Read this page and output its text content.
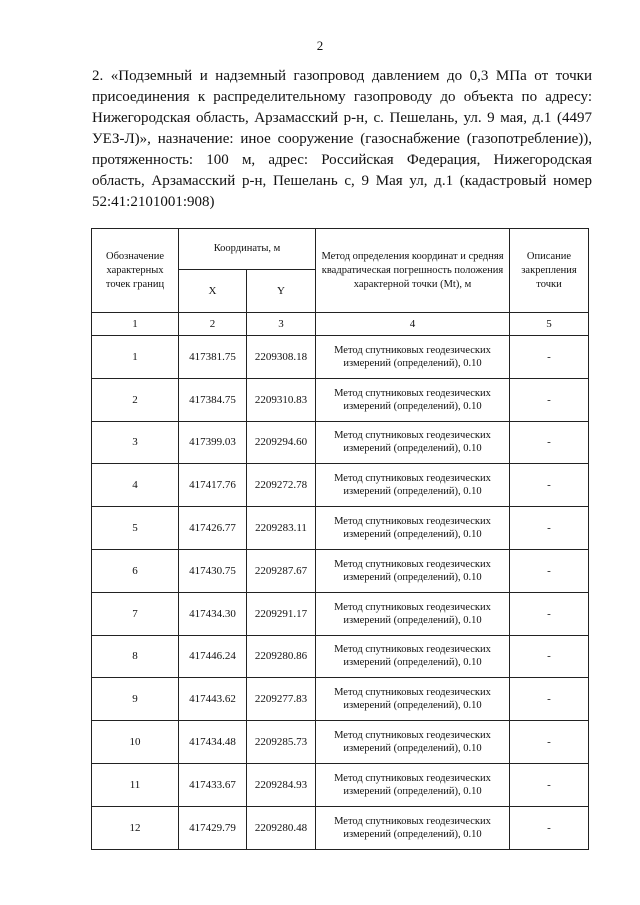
2
2. «Подземный и надземный газопровод давлением до 0,3 МПа от точки присоединения к распределительному газопроводу до объекта по адресу: Нижегородская область, Арзамасский р-н, с. Пешелань, ул. 9 мая, д.1 (4497 УЕЗ-Л)», назначение: иное сооружение (газоснабжение (газопотребление)), протяженность: 100 м, адрес: Российская Федерация, Нижегородская область, Арзамасский р-н, Пешелань с, 9 Мая ул, д.1 (кадастровый номер 52:41:2101001:908)
Обозначение характерных точек границ	Координаты, м		Метод определения координат и средняя квадратическая погрешность положения характерной точки (Mt), м	Описание закрепления точки
	X	Y		
1	2	3	4	5
1	417381.75	2209308.18	Метод спутниковых геодезических измерений (определений), 0.10	-
2	417384.75	2209310.83	Метод спутниковых геодезических измерений (определений), 0.10	-
3	417399.03	2209294.60	Метод спутниковых геодезических измерений (определений), 0.10	-
4	417417.76	2209272.78	Метод спутниковых геодезических измерений (определений), 0.10	-
5	417426.77	2209283.11	Метод спутниковых геодезических измерений (определений), 0.10	-
6	417430.75	2209287.67	Метод спутниковых геодезических измерений (определений), 0.10	-
7	417434.30	2209291.17	Метод спутниковых геодезических измерений (определений), 0.10	-
8	417446.24	2209280.86	Метод спутниковых геодезических измерений (определений), 0.10	-
9	417443.62	2209277.83	Метод спутниковых геодезических измерений (определений), 0.10	-
10	417434.48	2209285.73	Метод спутниковых геодезических измерений (определений), 0.10	-
11	417433.67	2209284.93	Метод спутниковых геодезических измерений (определений), 0.10	-
12	417429.79	2209280.48	Метод спутниковых геодезических измерений (определений), 0.10	-
